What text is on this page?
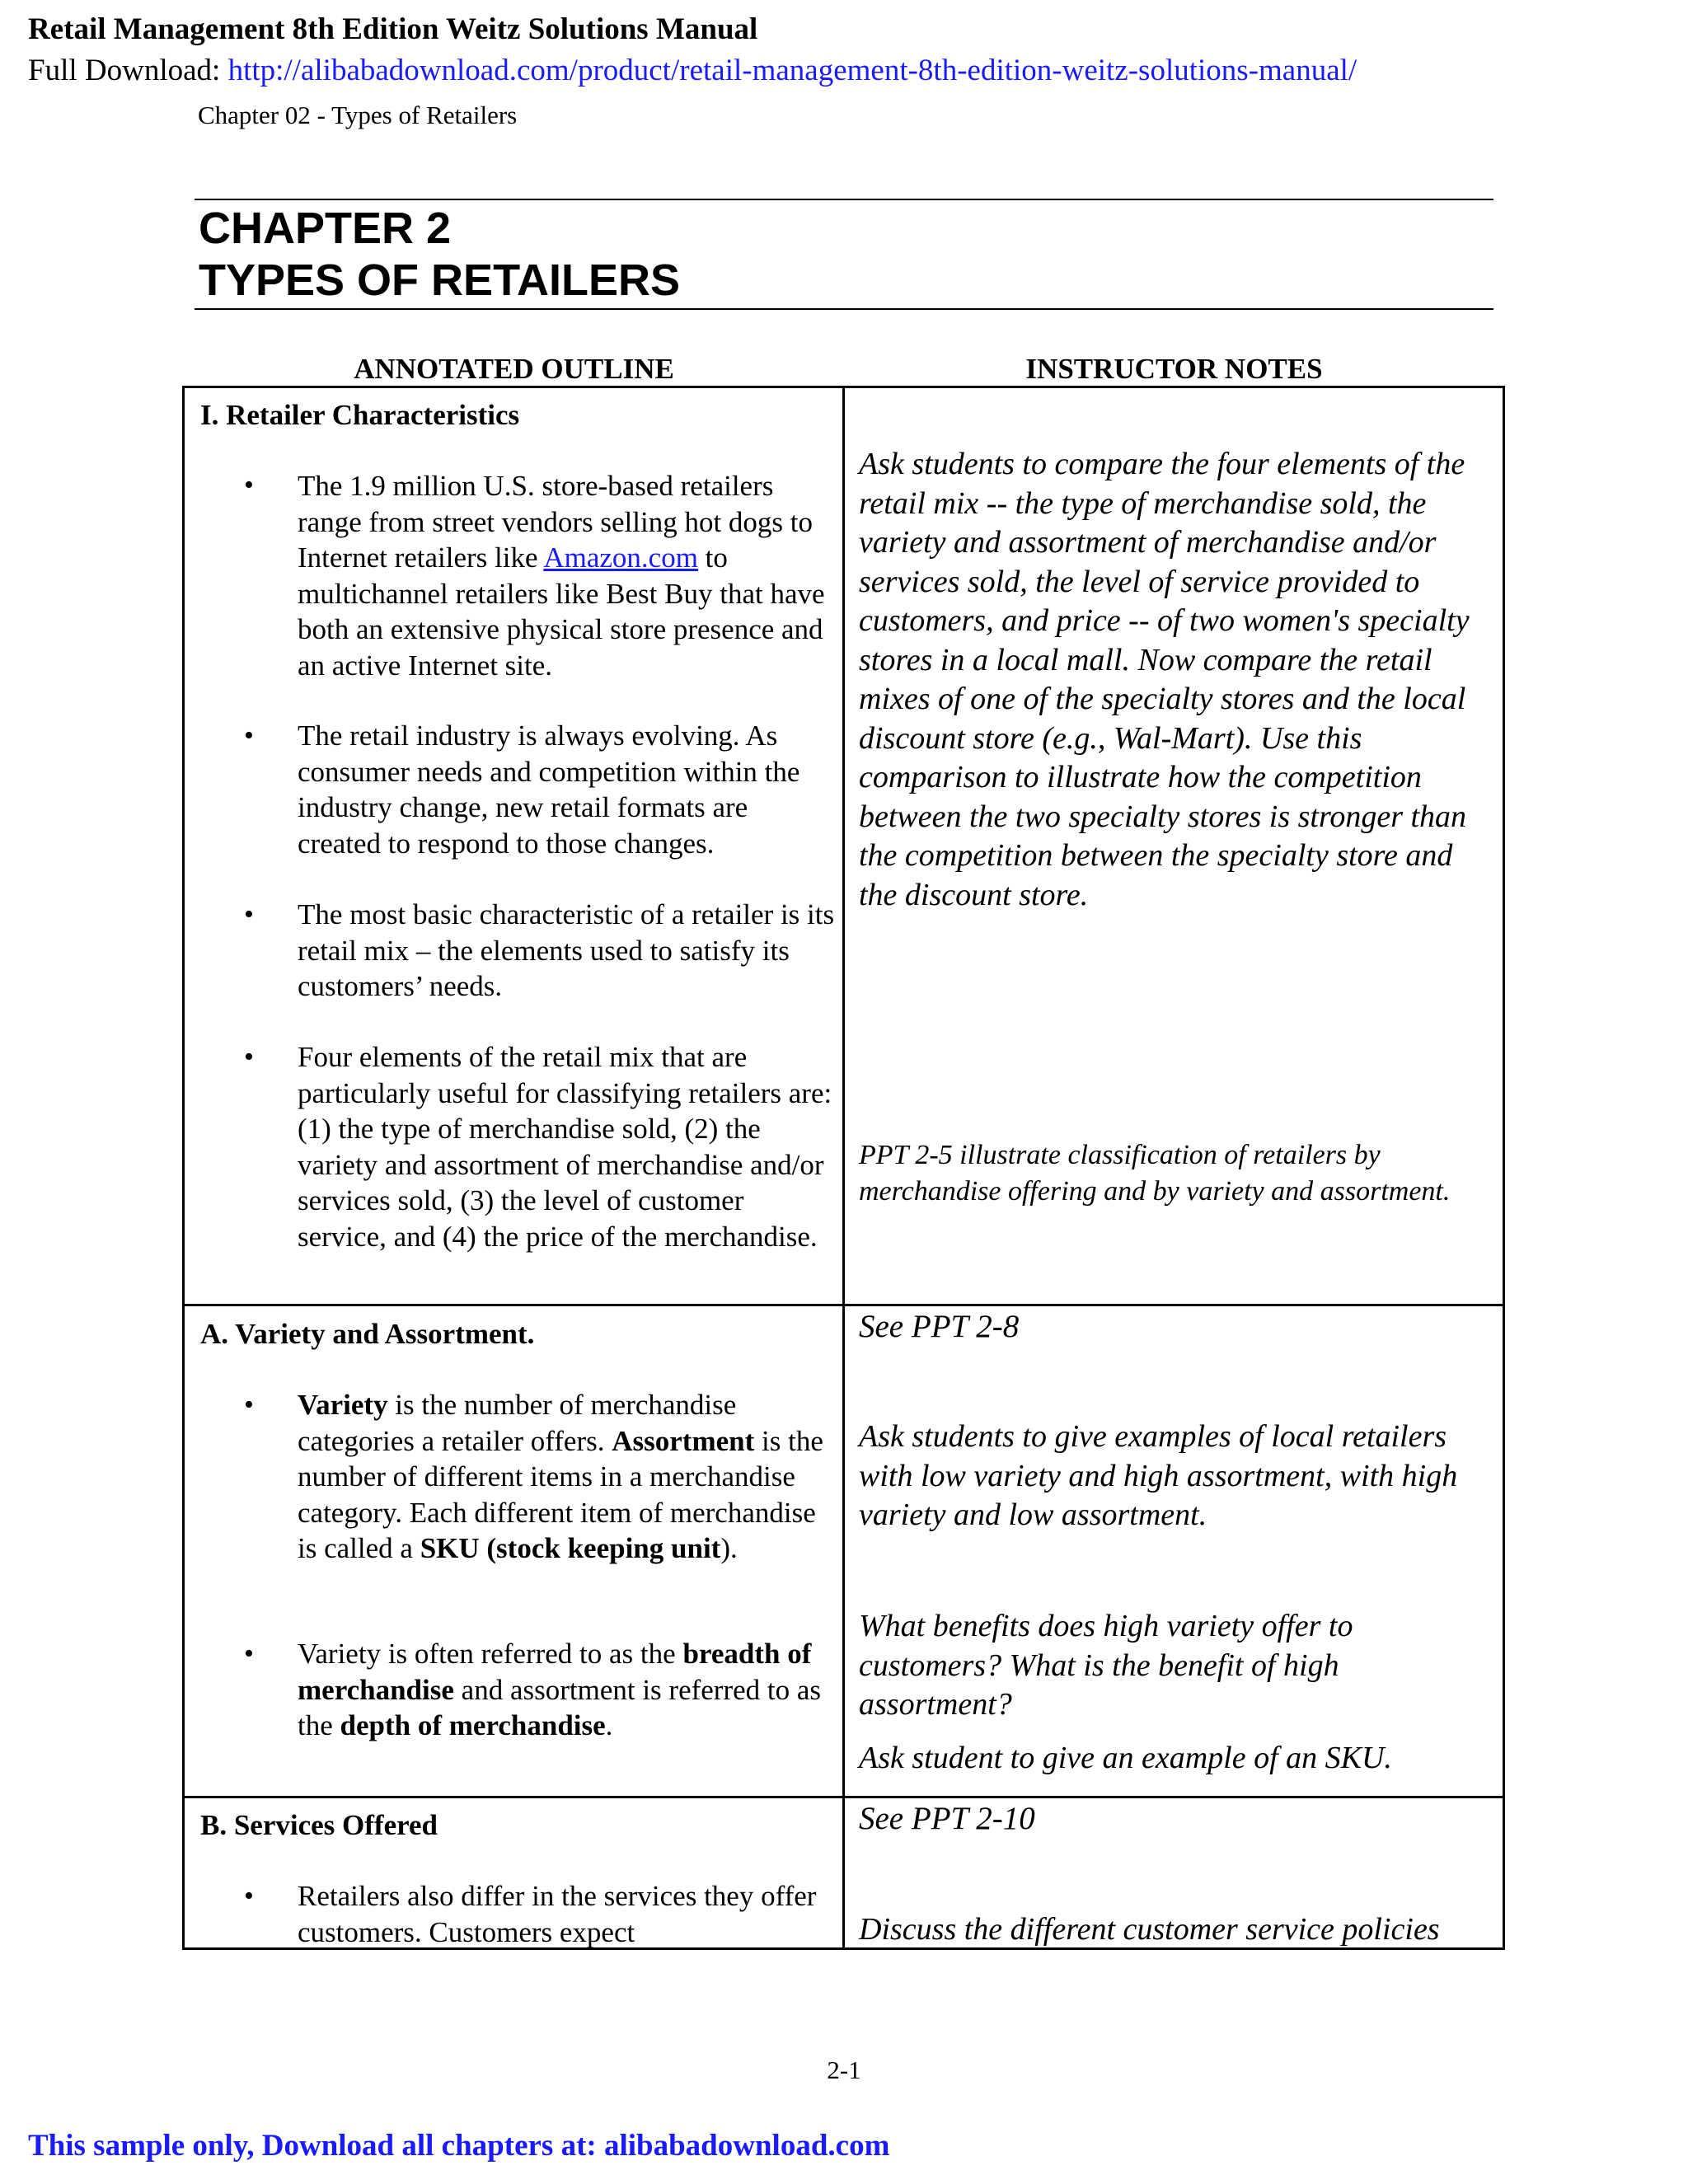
Retail Management 8th Edition Weitz Solutions Manual
Full Download: http://alibabadownload.com/product/retail-management-8th-edition-weitz-solutions-manual/
Chapter 02 - Types of Retailers
CHAPTER 2
TYPES OF RETAILERS
ANNOTATED OUTLINE	INSTRUCTOR NOTES
I. Retailer Characteristics
• The 1.9 million U.S. store-based retailers range from street vendors selling hot dogs to Internet retailers like Amazon.com to multichannel retailers like Best Buy that have both an extensive physical store presence and an active Internet site.
• The retail industry is always evolving. As consumer needs and competition within the industry change, new retail formats are created to respond to those changes.
• The most basic characteristic of a retailer is its retail mix – the elements used to satisfy its customers’ needs.
• Four elements of the retail mix that are particularly useful for classifying retailers are: (1) the type of merchandise sold, (2) the variety and assortment of merchandise and/or services sold, (3) the level of customer service, and (4) the price of the merchandise.
Ask students to compare the four elements of the retail mix -- the type of merchandise sold, the variety and assortment of merchandise and/or services sold, the level of service provided to customers, and price -- of two women's specialty stores in a local mall. Now compare the retail mixes of one of the specialty stores and the local discount store (e.g., Wal-Mart). Use this comparison to illustrate how the competition between the two specialty stores is stronger than the competition between the specialty store and the discount store.
PPT 2-5 illustrate classification of retailers by merchandise offering and by variety and assortment.
A. Variety and Assortment.
• Variety is the number of merchandise categories a retailer offers. Assortment is the number of different items in a merchandise category. Each different item of merchandise is called a SKU (stock keeping unit).
• Variety is often referred to as the breadth of merchandise and assortment is referred to as the depth of merchandise.
See PPT 2-8
Ask students to give examples of local retailers with low variety and high assortment, with high variety and low assortment.
What benefits does high variety offer to customers? What is the benefit of high assortment?
Ask student to give an example of an SKU.
B. Services Offered
• Retailers also differ in the services they offer customers. Customers expect
See PPT 2-10
Discuss the different customer service policies
2-1
This sample only, Download all chapters at: alibabadownload.com
